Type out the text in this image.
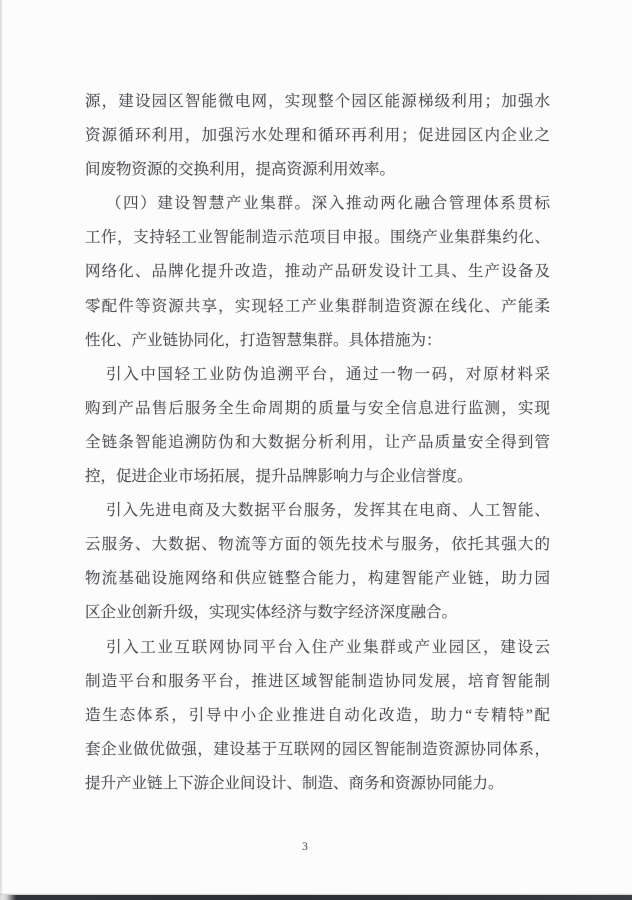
源，建设园区智能微电网，实现整个园区能源梯级利用；加强水
资源循环利用，加强污水处理和循环再利用；促进园区内企业之
间废物资源的交换利用，提高资源利用效率。
（四）建设智慧产业集群。深入推动两化融合管理体系贯标
工作，支持轻工业智能制造示范项目申报。围绕产业集群集约化、
网络化、品牌化提升改造，推动产品研发设计工具、生产设备及
零配件等资源共享，实现轻工产业集群制造资源在线化、产能柔
性化、产业链协同化，打造智慧集群。具体措施为：
引入中国轻工业防伪追溯平台，通过一物一码，对原材料采
购到产品售后服务全生命周期的质量与安全信息进行监测，实现
全链条智能追溯防伪和大数据分析利用，让产品质量安全得到管
控，促进企业市场拓展，提升品牌影响力与企业信誉度。
引入先进电商及大数据平台服务，发挥其在电商、人工智能、
云服务、大数据、物流等方面的领先技术与服务，依托其强大的
物流基础设施网络和供应链整合能力，构建智能产业链，助力园
区企业创新升级，实现实体经济与数字经济深度融合。
引入工业互联网协同平台入住产业集群或产业园区，建设云
制造平台和服务平台，推进区域智能制造协同发展，培育智能制
造生态体系，引导中小企业推进自动化改造，助力“专精特”配
套企业做优做强，建设基于互联网的园区智能制造资源协同体系，
提升产业链上下游企业间设计、制造、商务和资源协同能力。
3
